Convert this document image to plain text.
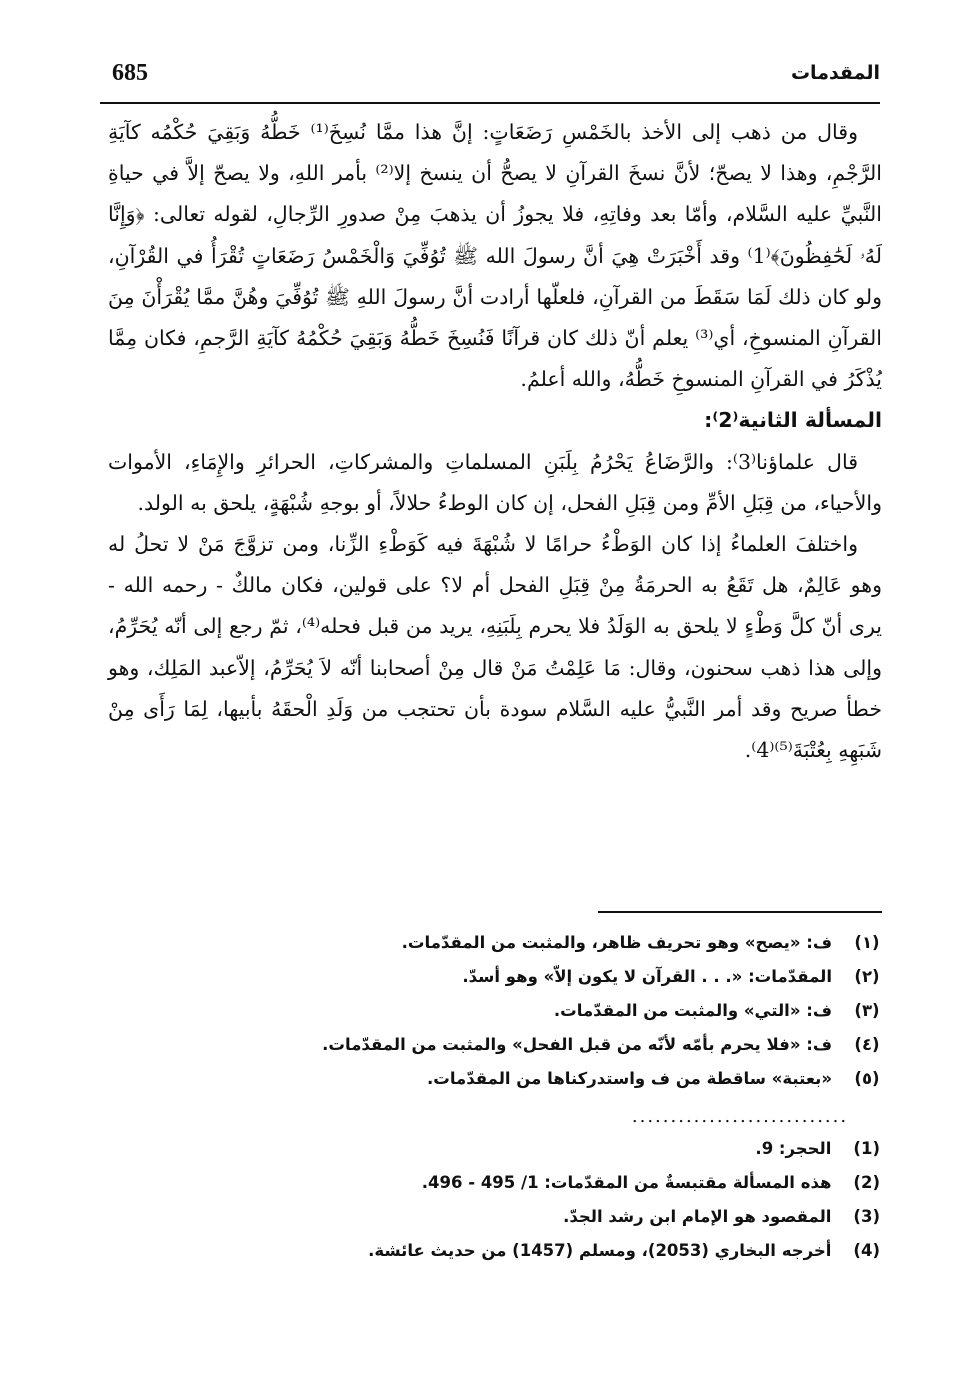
685	المقدمات

وقال من ذهب إلى الأخذ بالخَمْسِ رَضَعَاتٍ: إنَّ هذا ممَّا نُسِخَ⁽¹⁾ خَطُّهُ وَبَقِيَ حُكْمُه كآيَةِ الرَّجْمِ، وهذا لا يصحّ؛ لأنَّ نسخَ القرآنِ لا يصحُّ أن ينسخ إلا⁽²⁾ بأمر اللهِ، ولا يصحّ إلاَّ في حياةِ النَّبيِّ عليه السَّلام، وأمّا بعد وفاتِهِ، فلا يجوزُ أن يذهبَ مِنْ صدورِ الرِّجالِ، لقوله تعالى: ﴿وَإِنَّا لَهُۥ لَحَٰفِظُونَ﴾⁽1⁾ وقد أَخْبَرَتْ هِيَ أنَّ رسولَ الله ﷺ تُوُفِّيَ وَالْخَمْسُ رَضَعَاتٍ تُقْرَأُ في القُرْآنِ، ولو كان ذلك لَمَا سَقَطَ من القرآنِ، فلعلّها أرادت أنَّ رسولَ اللهِ ﷺ تُوُفِّيَ وهُنَّ ممَّا يُقْرَأْنَ مِنَ القرآنِ المنسوخِ، أي⁽³⁾ يعلم أنّ ذلك كان قرآنًا فَنُسِخَ خَطُّهُ وَبَقِيَ حُكْمُهُ كآيَةِ الرَّجمِ، فكان مِمَّا يُذْكَرُ في القرآنِ المنسوخِ خَطُّهُ، والله أعلمُ.

المسألة الثانية⁽2⁾:

قال علماؤنا⁽3⁾: والرَّضَاعُ يَحْرُمُ بِلَبَنِ المسلماتِ والمشركاتِ، الحرائرِ والإِمَاءِ، الأموات والأحياء، من قِبَلِ الأمِّ ومن قِبَلِ الفحل، إن كان الوطءُ حلالاً، أو بوجهِ شُبْهَةٍ، يلحق به الولد.

واختلفَ العلماءُ إذا كان الوَطْءُ حرامًا لا شُبْهَةَ فيه كَوَطْءِ الزِّنا، ومن تزوَّجَ مَنْ لا تحلُ له وهو عَالِمٌ، هل تَقَعُ به الحرمَةُ مِنْ قِبَلِ الفحل أم لا؟ على قولين، فكان مالكٌ - رحمه الله - يرى أنّ كلَّ وَطْءٍ لا يلحق به الوَلَدُ فلا يحرم بِلَبَنِهِ، يريد من قبل فحله⁽⁴⁾، ثمّ رجع إلى أنّه يُحَرِّمُ، وإلى هذا ذهب سحنون، وقال: مَا عَلِمْتُ مَنْ قال مِنْ أصحابنا أنّه لاَ يُحَرِّمُ، إلاّعبد المَلِك، وهو خطأ صريح وقد أمر النَّبيُّ عليه السَّلام سودة بأن تحتجب من وَلَدِ الْحقَهُ بأبيها، لِمَا رَأَى مِنْ شَبَهِهِ بِعُتْبَةَ⁽⁵⁾⁽4⁾.

(١)
ف: «يصح» وهو تحريف ظاهر، والمثبت من المقدّمات.
(٢)
المقدّمات: «. . . القرآن لا يكون إلاّ» وهو أسدّ.
(٣)
ف: «التي» والمثبت من المقدّمات.
(٤)
ف: «فلا يحرم بأمّه لأنّه من قبل الفحل» والمثبت من المقدّمات.
(٥)
«بعتبة» ساقطة من ف واستدركناها من المقدّمات.
............................
(1)
الحجر: 9.
(2)
هذه المسألة مقتبسةٌ من المقدّمات: 1/ 495 - 496.
(3)
المقصود هو الإمام ابن رشد الجدّ.
(4)
أخرجه البخاري (2053)، ومسلم (1457) من حديث عائشة.
